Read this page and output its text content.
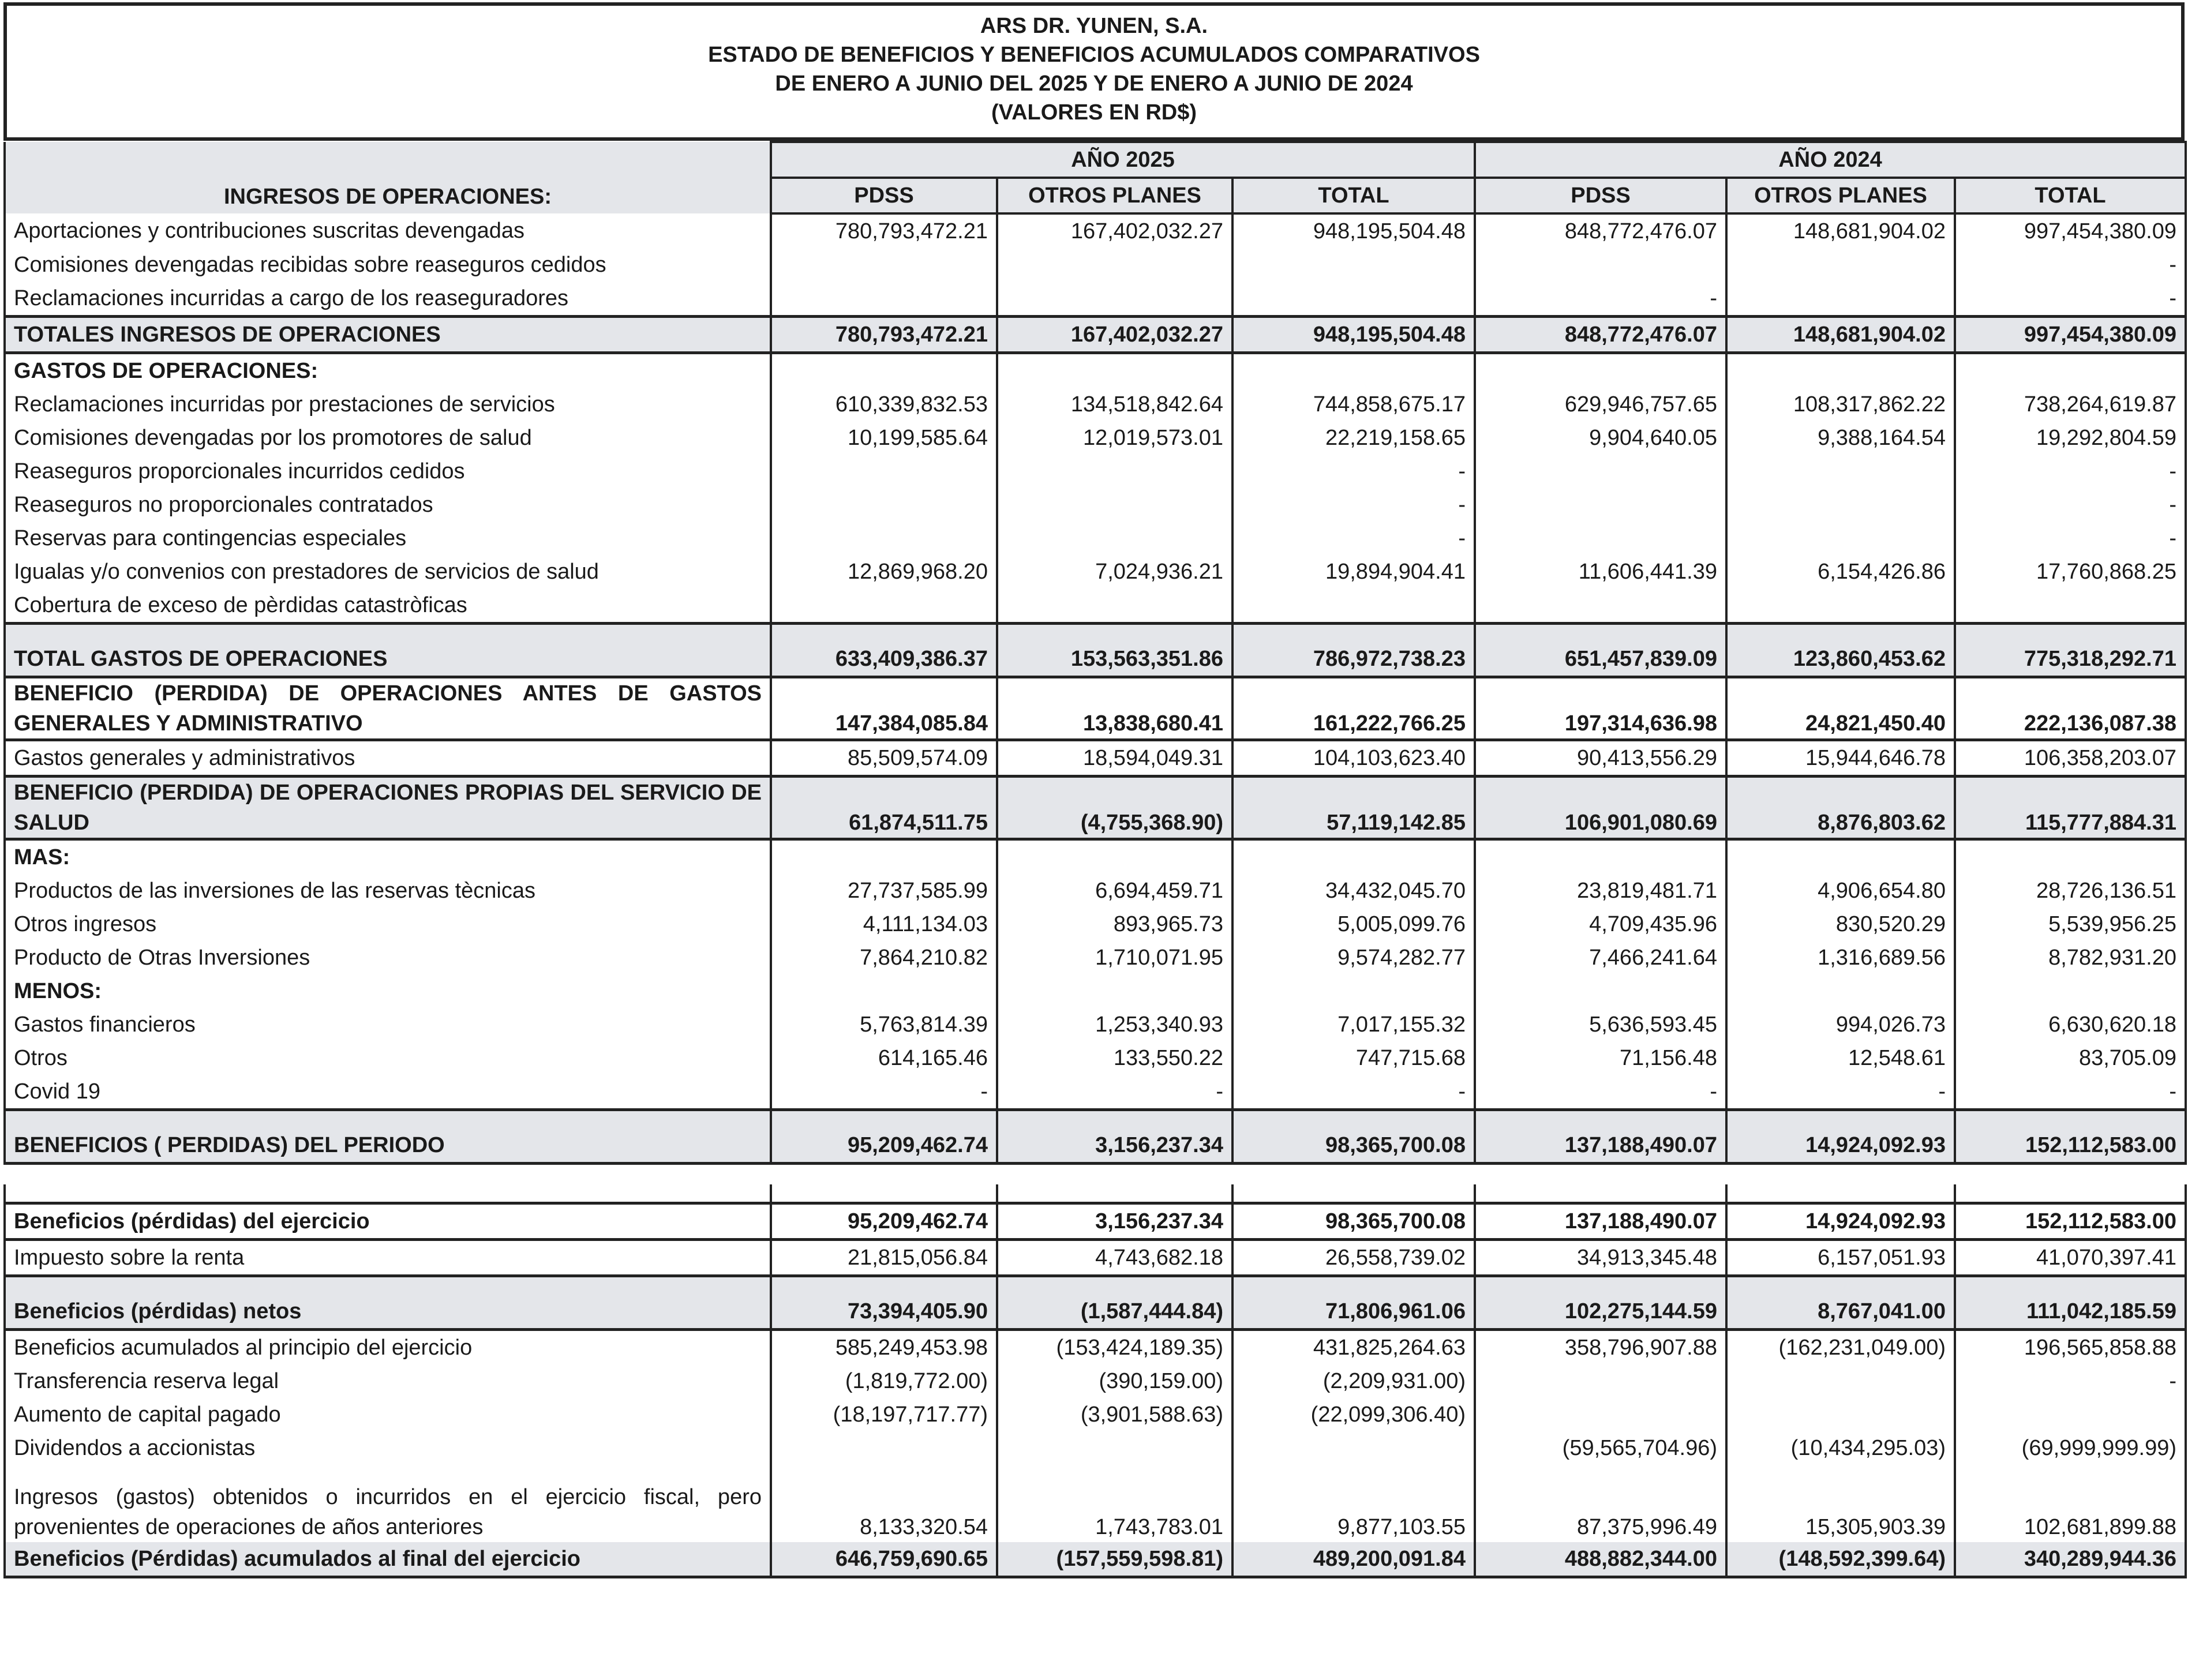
ARS DR. YUNEN, S.A.
ESTADO DE BENEFICIOS Y BENEFICIOS ACUMULADOS COMPARATIVOS
DE ENERO A JUNIO DEL 2025 Y DE ENERO A JUNIO DE 2024
(VALORES EN RD$)
INGRESOS DE OPERACIONES:	AÑO 2025			AÑO 2024		
	PDSS	OTROS PLANES	TOTAL	PDSS	OTROS PLANES	TOTAL
Aportaciones y contribuciones suscritas devengadas	780,793,472.21	167,402,032.27	948,195,504.48	848,772,476.07	148,681,904.02	997,454,380.09
Comisiones devengadas recibidas sobre reaseguros cedidos						-
Reclamaciones incurridas a cargo de los reaseguradores				-		-
TOTALES INGRESOS DE OPERACIONES	780,793,472.21	167,402,032.27	948,195,504.48	848,772,476.07	148,681,904.02	997,454,380.09
GASTOS DE OPERACIONES:						
Reclamaciones incurridas por prestaciones de servicios	610,339,832.53	134,518,842.64	744,858,675.17	629,946,757.65	108,317,862.22	738,264,619.87
Comisiones devengadas por los promotores de salud	10,199,585.64	12,019,573.01	22,219,158.65	9,904,640.05	9,388,164.54	19,292,804.59
Reaseguros proporcionales incurridos cedidos			-			-
Reaseguros no proporcionales contratados			-			-
Reservas para contingencias especiales			-			-
Igualas y/o convenios con prestadores de servicios de salud	12,869,968.20	7,024,936.21	19,894,904.41	11,606,441.39	6,154,426.86	17,760,868.25
Cobertura de exceso de pèrdidas catastròficas						

TOTAL GASTOS DE OPERACIONES	633,409,386.37	153,563,351.86	786,972,738.23	651,457,839.09	123,860,453.62	775,318,292.71
BENEFICIO (PERDIDA) DE OPERACIONES ANTES DE GASTOS GENERALES Y ADMINISTRATIVO	147,384,085.84	13,838,680.41	161,222,766.25	197,314,636.98	24,821,450.40	222,136,087.38
Gastos generales y administrativos	85,509,574.09	18,594,049.31	104,103,623.40	90,413,556.29	15,944,646.78	106,358,203.07
BENEFICIO (PERDIDA) DE OPERACIONES PROPIAS DEL SERVICIO DE SALUD	61,874,511.75	(4,755,368.90)	57,119,142.85	106,901,080.69	8,876,803.62	115,777,884.31
MAS:						
Productos de las inversiones de las reservas tècnicas	27,737,585.99	6,694,459.71	34,432,045.70	23,819,481.71	4,906,654.80	28,726,136.51
Otros ingresos	4,111,134.03	893,965.73	5,005,099.76	4,709,435.96	830,520.29	5,539,956.25
Producto de Otras Inversiones	7,864,210.82	1,710,071.95	9,574,282.77	7,466,241.64	1,316,689.56	8,782,931.20
MENOS:						
Gastos financieros	5,763,814.39	1,253,340.93	7,017,155.32	5,636,593.45	994,026.73	6,630,620.18
Otros	614,165.46	133,550.22	747,715.68	71,156.48	12,548.61	83,705.09
Covid 19	-	-	-	-	-	-

BENEFICIOS ( PERDIDAS) DEL PERIODO	95,209,462.74	3,156,237.34	98,365,700.08	137,188,490.07	14,924,092.93	152,112,583.00

Beneficios (pérdidas) del ejercicio	95,209,462.74	3,156,237.34	98,365,700.08	137,188,490.07	14,924,092.93	152,112,583.00
Impuesto sobre la renta	21,815,056.84	4,743,682.18	26,558,739.02	34,913,345.48	6,157,051.93	41,070,397.41

Beneficios (pérdidas) netos	73,394,405.90	(1,587,444.84)	71,806,961.06	102,275,144.59	8,767,041.00	111,042,185.59
Beneficios acumulados al principio del ejercicio	585,249,453.98	(153,424,189.35)	431,825,264.63	358,796,907.88	(162,231,049.00)	196,565,858.88
Transferencia reserva legal	(1,819,772.00)	(390,159.00)	(2,209,931.00)			-
Aumento de capital pagado	(18,197,717.77)	(3,901,588.63)	(22,099,306.40)			
Dividendos a accionistas				(59,565,704.96)	(10,434,295.03)	(69,999,999.99)

Ingresos (gastos) obtenidos o incurridos en el ejercicio fiscal, pero provenientes de operaciones de años anteriores	8,133,320.54	1,743,783.01	9,877,103.55	87,375,996.49	15,305,903.39	102,681,899.88
Beneficios (Pérdidas) acumulados al final del ejercicio	646,759,690.65	(157,559,598.81)	489,200,091.84	488,882,344.00	(148,592,399.64)	340,289,944.36
